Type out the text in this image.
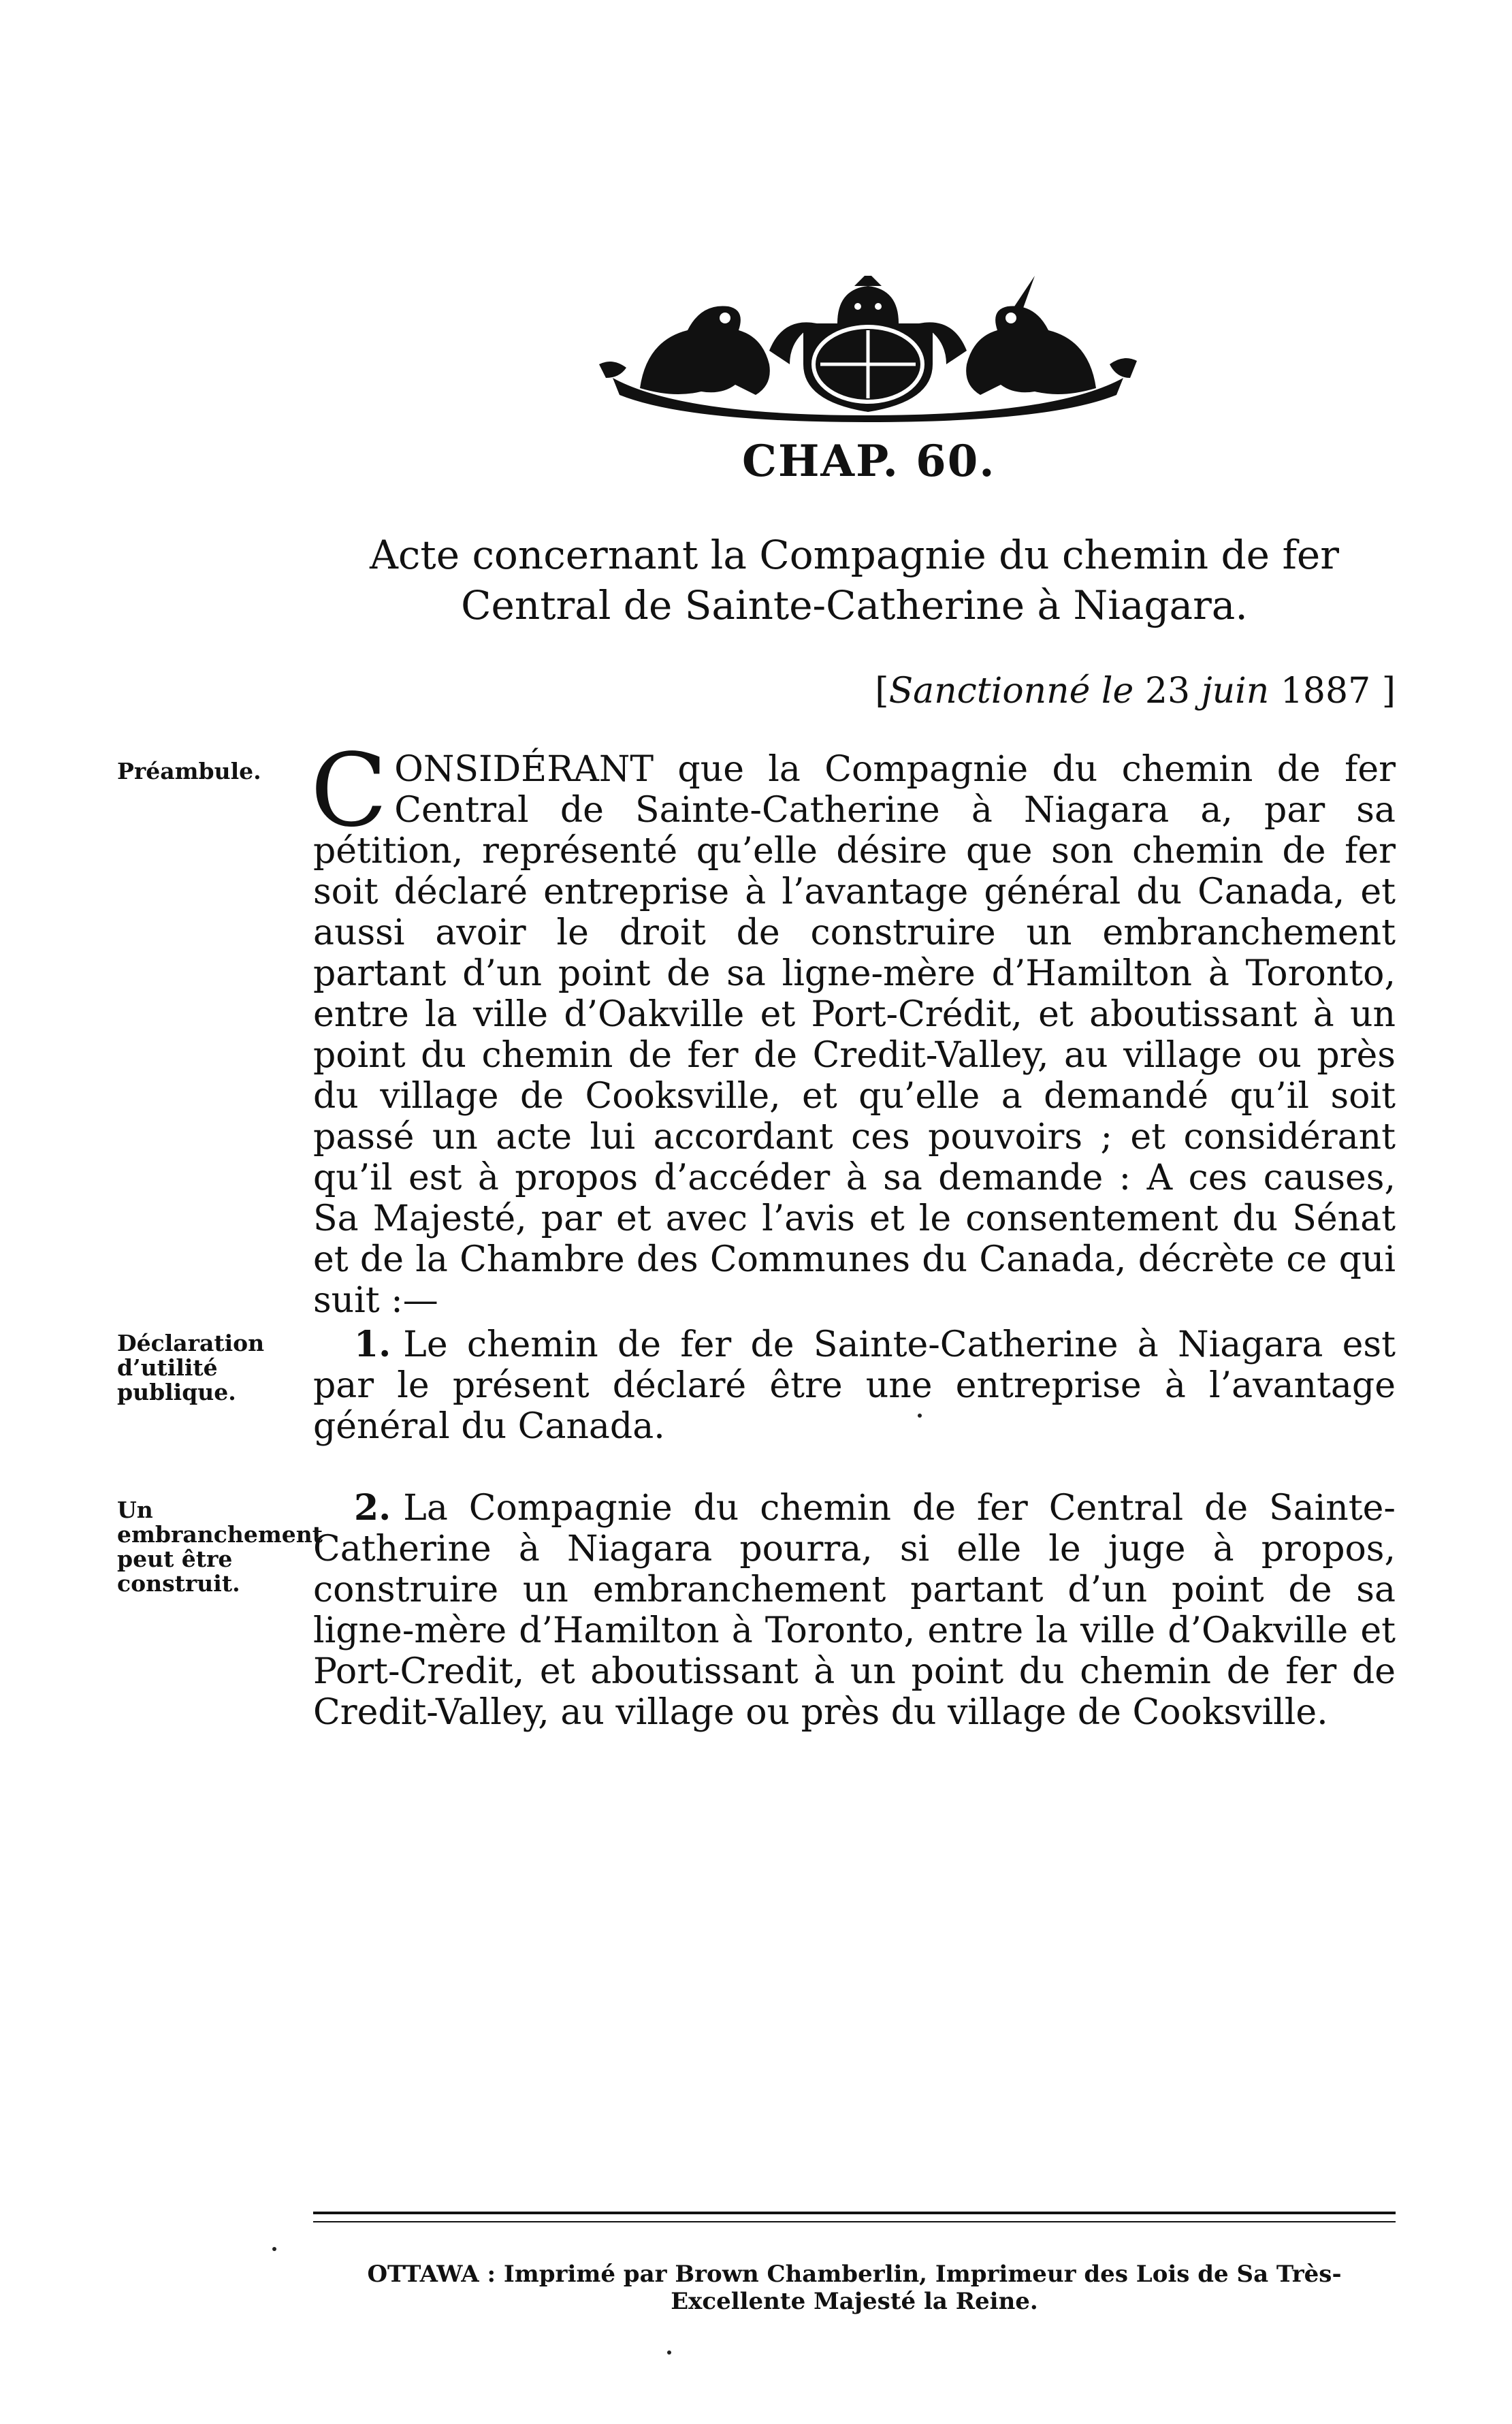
CHAP. 60.
Acte concernant la Compagnie du chemin de fer Central de Sainte-Catherine à Niagara.
[Sanctionné le 23 juin 1887 ]
Préambule.
Déclaration d’utilité publique.
Un embranchement peut être construit.
CONSIDÉRANT que la Compagnie du chemin de fer Central de Sainte-Catherine à Niagara a, par sa pétition, représenté qu’elle désire que son chemin de fer soit déclaré entreprise à l’avantage général du Canada, et aussi avoir le droit de construire un embranchement partant d’un point de sa ligne-mère d’Hamilton à Toronto, entre la ville d’Oakville et Port-Crédit, et aboutissant à un point du chemin de fer de Credit-Valley, au village ou près du village de Cooksville, et qu’elle a demandé qu’il soit passé un acte lui accordant ces pouvoirs ; et considérant qu’il est à propos d’accéder à sa demande : A ces causes, Sa Majesté, par et avec l’avis et le consentement du Sénat et de la Chambre des Communes du Canada, décrète ce qui suit :—
1. Le chemin de fer de Sainte-Catherine à Niagara est par le présent déclaré être une entreprise à l’avantage général du Canada.
2. La Compagnie du chemin de fer Central de Sainte-Catherine à Niagara pourra, si elle le juge à propos, construire un embranchement partant d’un point de sa ligne-mère d’Hamilton à Toronto, entre la ville d’Oakville et Port-Credit, et aboutissant à un point du chemin de fer de Credit-Valley, au village ou près du village de Cooksville.
OTTAWA : Imprimé par Brown Chamberlin, Imprimeur des Lois de Sa Très-Excellente Majesté la Reine.
